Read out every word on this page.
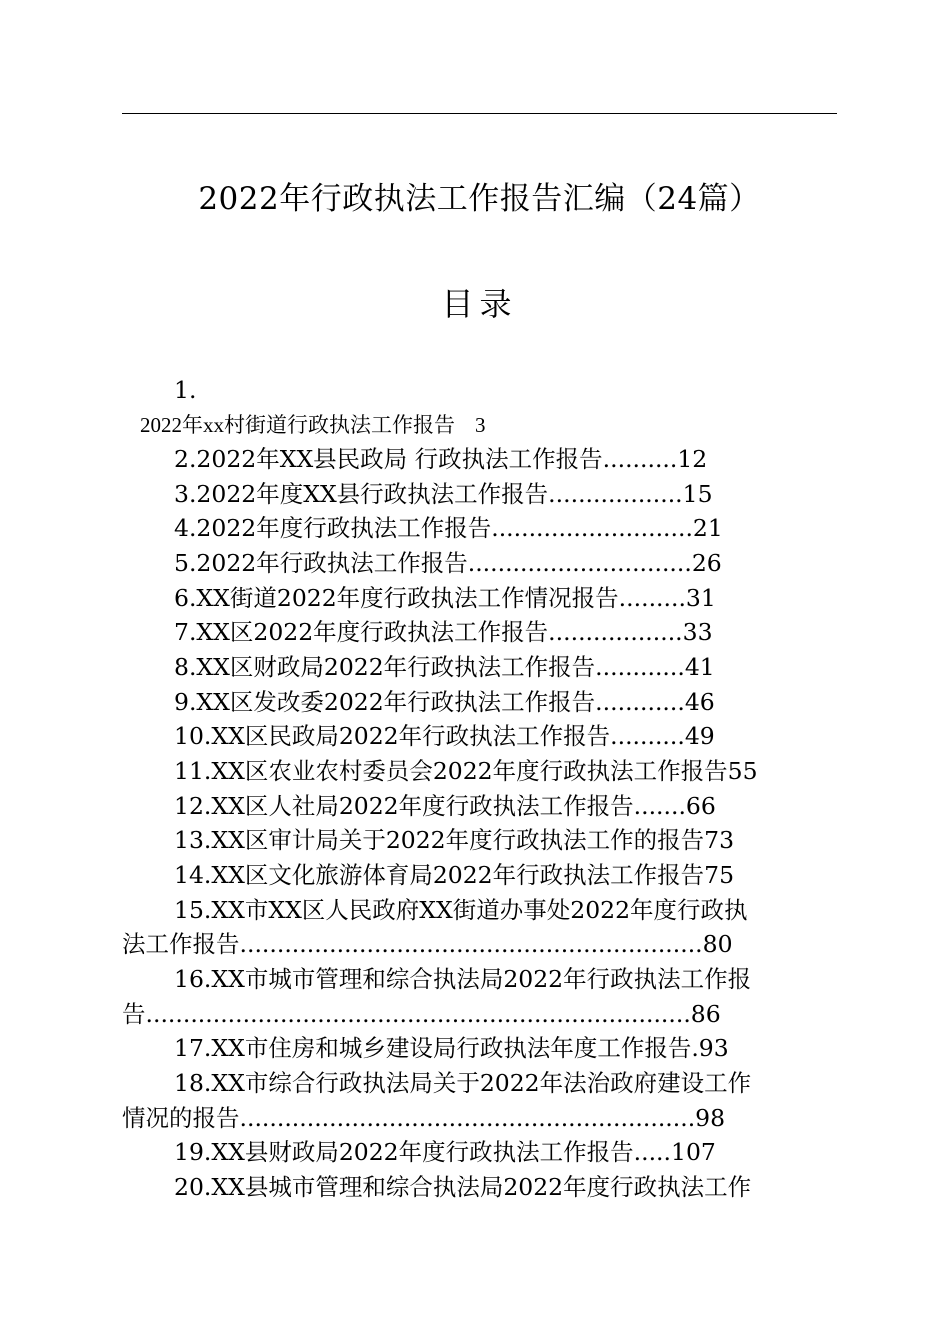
2022年行政执法工作报告汇编（24篇）
目录
1.
2022年xx村街道行政执法工作报告 3
2.2022年XX县民政局 行政执法工作报告..........12
3.2022年度XX县行政执法工作报告..................15
4.2022年度行政执法工作报告...........................21
5.2022年行政执法工作报告..............................26
6.XX街道2022年度行政执法工作情况报告.........31
7.XX区2022年度行政执法工作报告..................33
8.XX区财政局2022年行政执法工作报告............41
9.XX区发改委2022年行政执法工作报告............46
10.XX区民政局2022年行政执法工作报告..........49
11.XX区农业农村委员会2022年度行政执法工作报告55
12.XX区人社局2022年度行政执法工作报告.......66
13.XX区审计局关于2022年度行政执法工作的报告73
14.XX区文化旅游体育局2022年行政执法工作报告75
15.XX市XX区人民政府XX街道办事处2022年度行政执
法工作报告..............................................................80
16.XX市城市管理和综合执法局2022年行政执法工作报
告.........................................................................86
17.XX市住房和城乡建设局行政执法年度工作报告.93
18.XX市综合行政执法局关于2022年法治政府建设工作
情况的报告.............................................................98
19.XX县财政局2022年度行政执法工作报告.....107
20.XX县城市管理和综合执法局2022年度行政执法工作
